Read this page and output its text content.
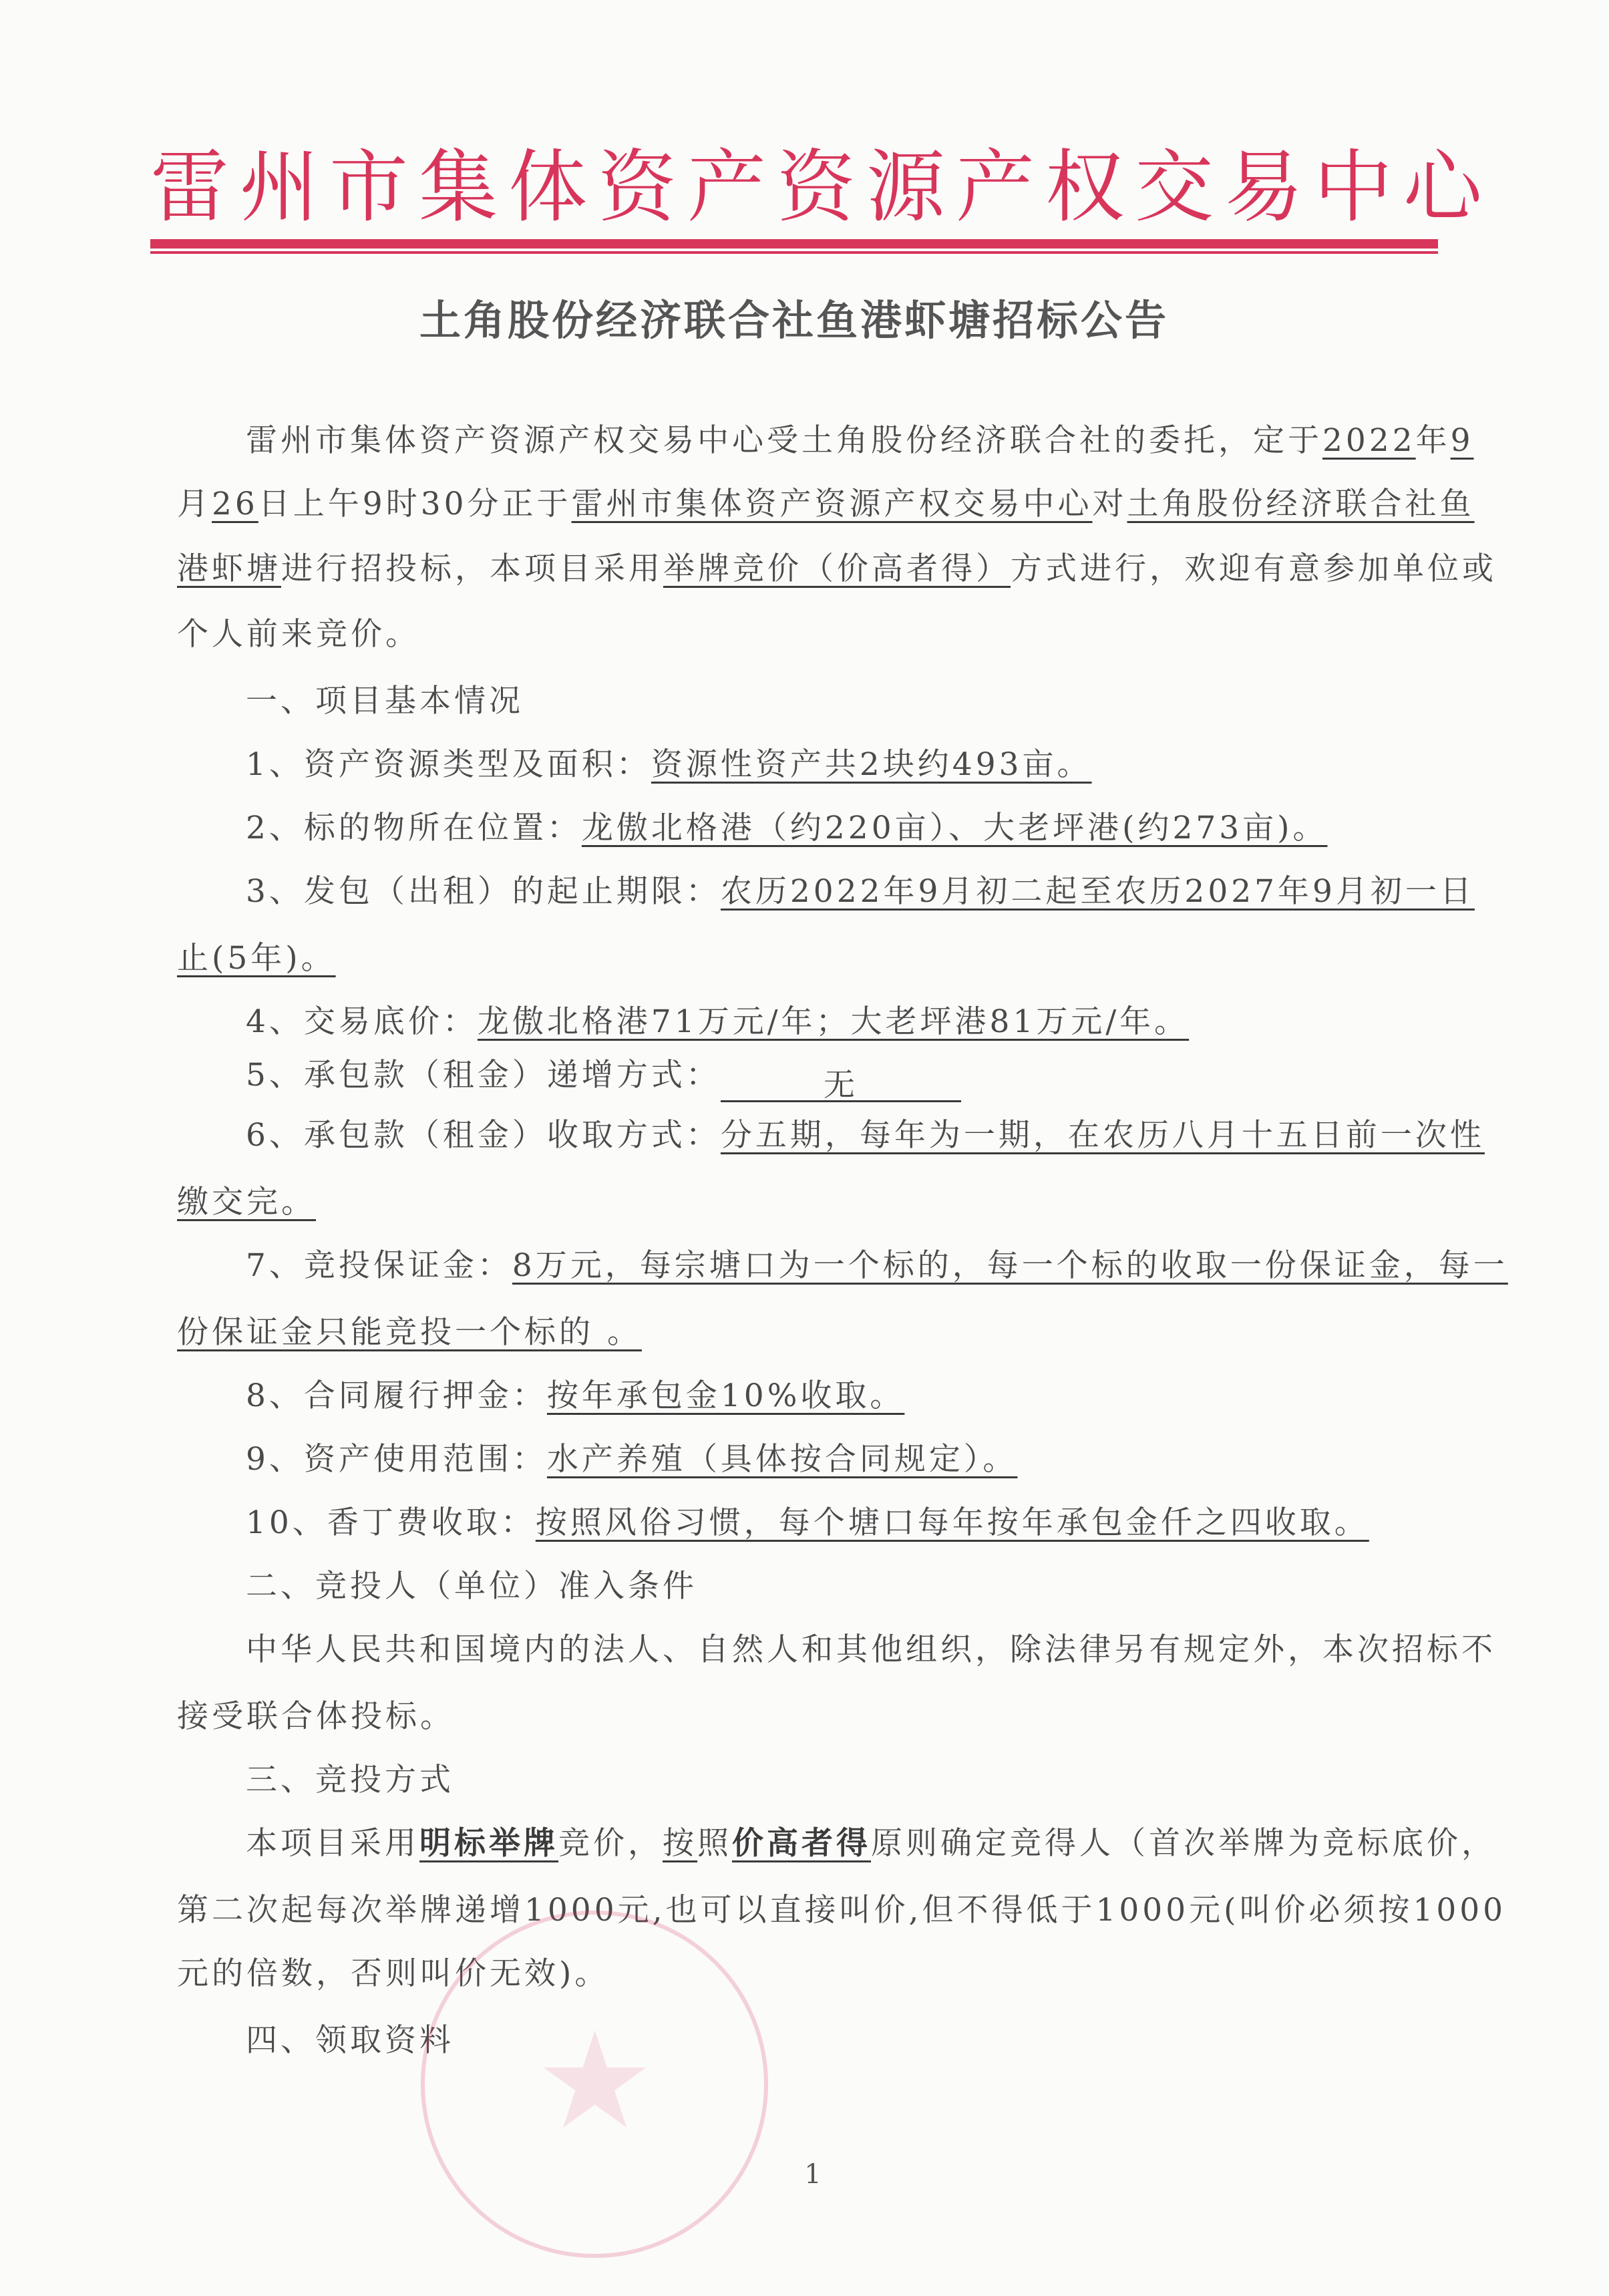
雷州市集体资产资源产权交易中心
土角股份经济联合社鱼港虾塘招标公告
雷州市集体资产资源产权交易中心受土角股份经济联合社的委托，定于2022年9
月26日上午9时30分正于雷州市集体资产资源产权交易中心对土角股份经济联合社鱼
港虾塘进行招投标，本项目采用举牌竞价（价高者得）方式进行，欢迎有意参加单位或
个人前来竞价。
一、项目基本情况
1、资产资源类型及面积：资源性资产共2块约493亩。
2、标的物所在位置：龙傲北格港（约220亩）、大老坪港(约273亩)。
3、发包（出租）的起止期限：农历2022年9月初二起至农历2027年9月初一日
止(5年)。
4、交易底价：龙傲北格港71万元/年；大老坪港81万元/年。
5、承包款（租金）递增方式：	无
6、承包款（租金）收取方式：分五期，每年为一期，在农历八月十五日前一次性
缴交完。
7、竞投保证金：8万元，每宗塘口为一个标的，每一个标的收取一份保证金，每一
份保证金只能竞投一个标的 。
8、合同履行押金：按年承包金10%收取。
9、资产使用范围：水产养殖（具体按合同规定）。
10、香丁费收取：按照风俗习惯，每个塘口每年按年承包金仟之四收取。
二、竞投人（单位）准入条件
中华人民共和国境内的法人、自然人和其他组织，除法律另有规定外，本次招标不
接受联合体投标。
三、竞投方式
本项目采用明标举牌竞价，按照价高者得原则确定竞得人（首次举牌为竞标底价，
第二次起每次举牌递增1000元,也可以直接叫价,但不得低于1000元(叫价必须按1000
元的倍数，否则叫价无效)。
四、领取资料 ★
1
